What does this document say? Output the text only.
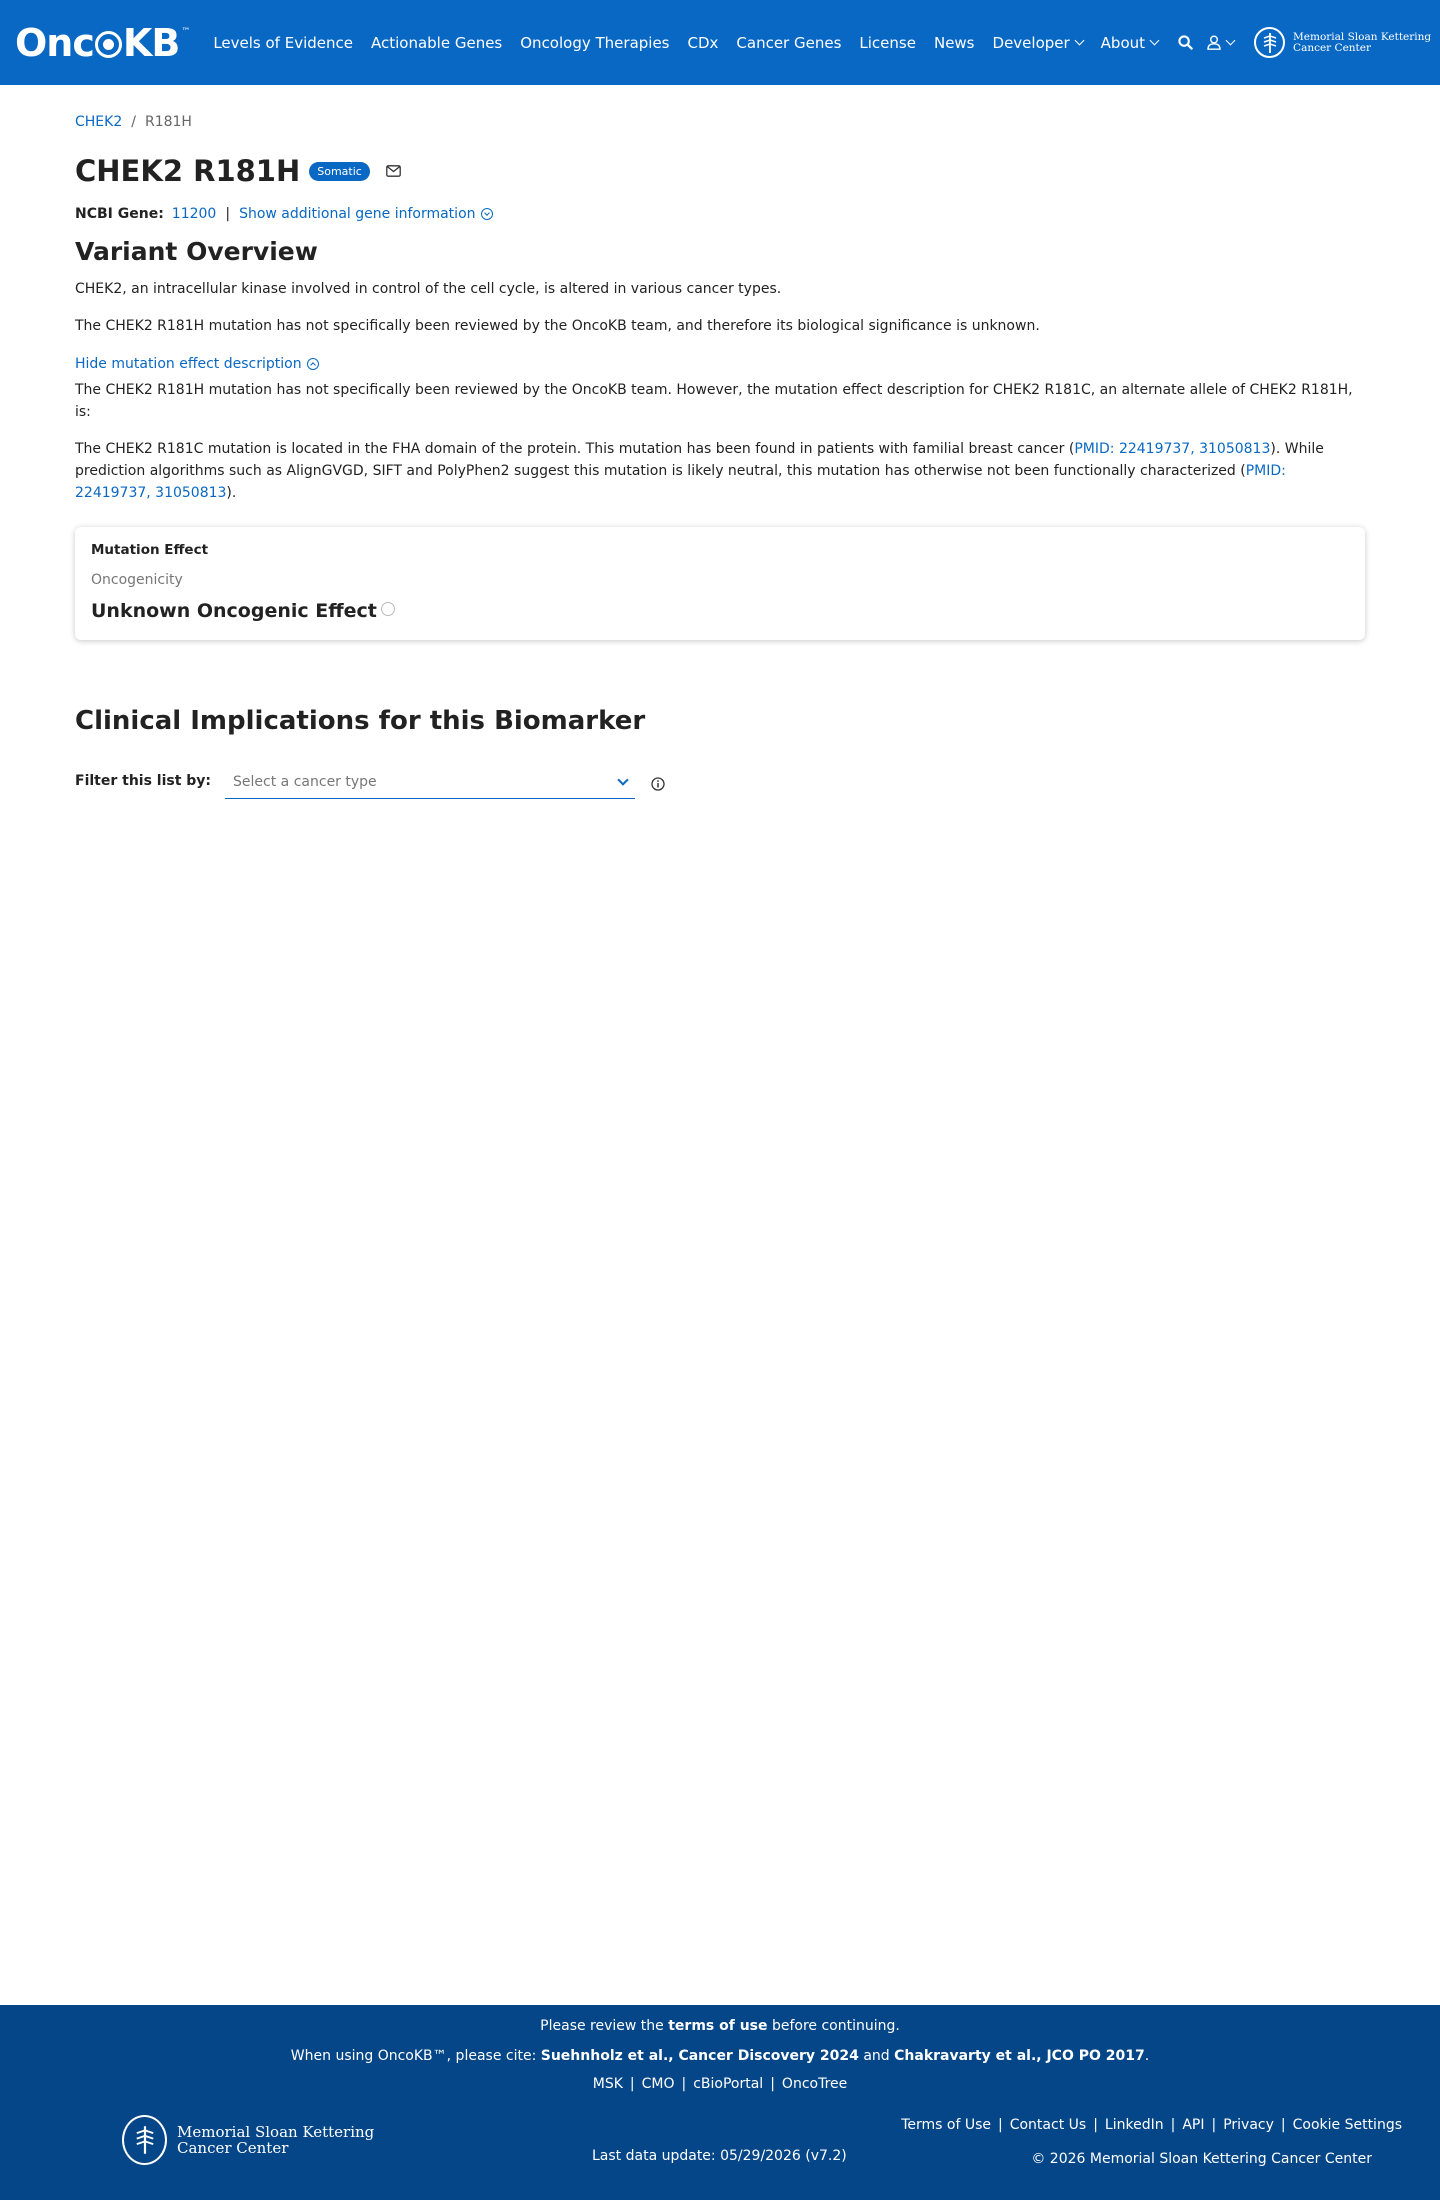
Onc KB ™
Levels of Evidence Actionable Genes Oncology Therapies CDx Cancer Genes License News Developer About	Memorial Sloan Kettering
Cancer Center
CHEK2 / R181H
CHEK2 R181H	Somatic
NCBI Gene: 11200 | Show additional gene information
Variant Overview

CHEK2, an intracellular kinase involved in control of the cell cycle, is altered in various cancer types.

The CHEK2 R181H mutation has not specifically been reviewed by the OncoKB team, and therefore its biological significance is unknown.

Hide mutation effect description

The CHEK2 R181H mutation has not specifically been reviewed by the OncoKB team. However, the mutation effect description for CHEK2 R181C, an alternate allele of CHEK2 R181H, is:

The CHEK2 R181C mutation is located in the FHA domain of the protein. This mutation has been found in patients with familial breast cancer (PMID: 22419737, 31050813). While prediction algorithms such as AlignGVGD, SIFT and PolyPhen2 suggest this mutation is likely neutral, this mutation has otherwise not been functionally characterized (PMID: 22419737, 31050813).

Mutation Effect
Oncogenicity
Unknown Oncogenic Effect
Clinical Implications for this Biomarker
Filter this list by: Select a cancer type
Please review the terms of use before continuing.
When using OncoKB™, please cite: Suehnholz et al., Cancer Discovery 2024 and Chakravarty et al., JCO PO 2017.
MSK | CMO | cBioPortal | OncoTree
Memorial Sloan Kettering
Cancer Center	Last data update: 05/29/2026 (v7.2)
Terms of Use | Contact Us | LinkedIn | API | Privacy | Cookie Settings
© 2026 Memorial Sloan Kettering Cancer Center
